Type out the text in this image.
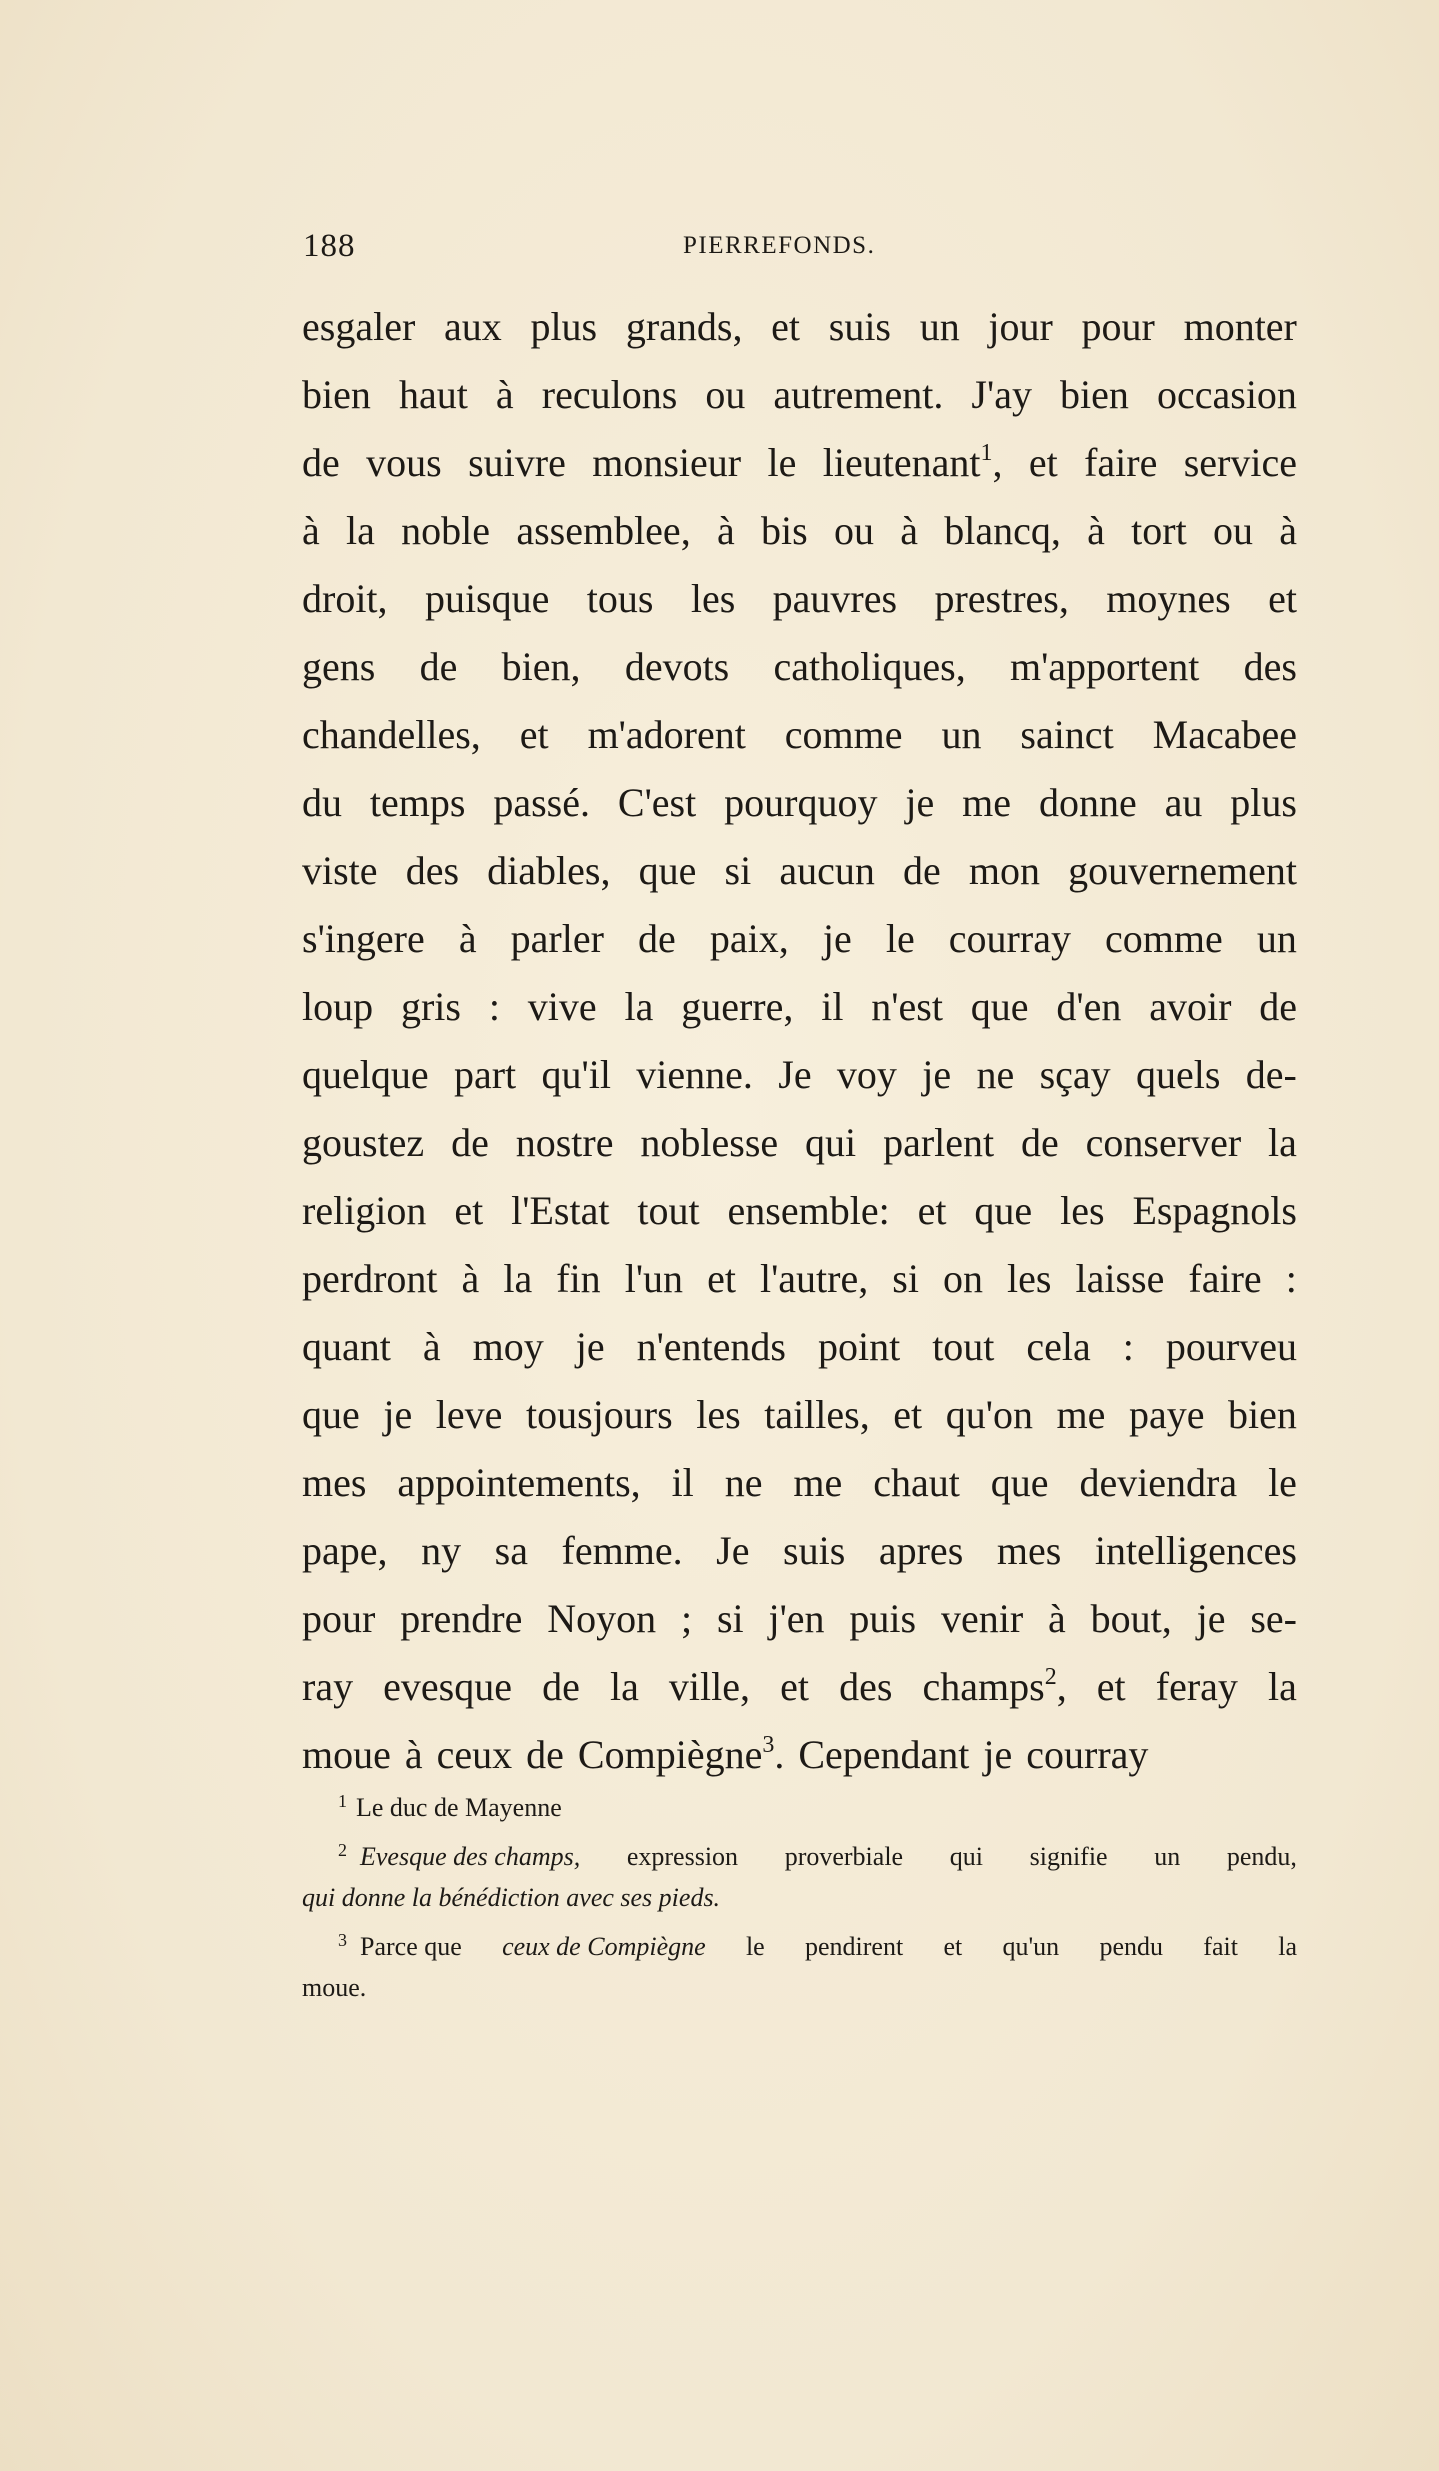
188	PIERREFONDS.
esgaler aux plus grands, et suis un jour pour monter
bien haut à reculons ou autrement. J'ay bien occasion
de vous suivre monsieur le lieutenant$^1$, et faire service
à la noble assemblee, à bis ou à blancq, à tort ou à
droit, puisque tous les pauvres prestres, moynes et
gens de bien, devots catholiques, m'apportent des
chandelles, et m'adorent comme un sainct Macabee
du temps passé. C'est pourquoy je me donne au plus
viste des diables, que si aucun de mon gouvernement
s'ingere à parler de paix, je le courray comme un
loup gris : vive la guerre, il n'est que d'en avoir de
quelque part qu'il vienne. Je voy je ne sçay quels de-
goustez de nostre noblesse qui parlent de conserver la
religion et l'Estat tout ensemble: et que les Espagnols
perdront à la fin l'un et l'autre, si on les laisse faire :
quant à moy je n'entends point tout cela : pourveu
que je leve tousjours les tailles, et qu'on me paye bien
mes appointements, il ne me chaut que deviendra le
pape, ny sa femme. Je suis apres mes intelligences
pour prendre Noyon ; si j'en puis venir à bout, je se-
ray evesque de la ville, et des champs$^2$, et feray la
moue à ceux de Compiègne$^3$. Cependant je courray
$^1$ Le duc de Mayenne
$^2$ Evesque des champs, expression proverbiale qui signifie un pendu,
qui donne la bénédiction avec ses pieds.
$^3$ Parce que ceux de Compiègne le pendirent et qu'un pendu fait la
moue.
